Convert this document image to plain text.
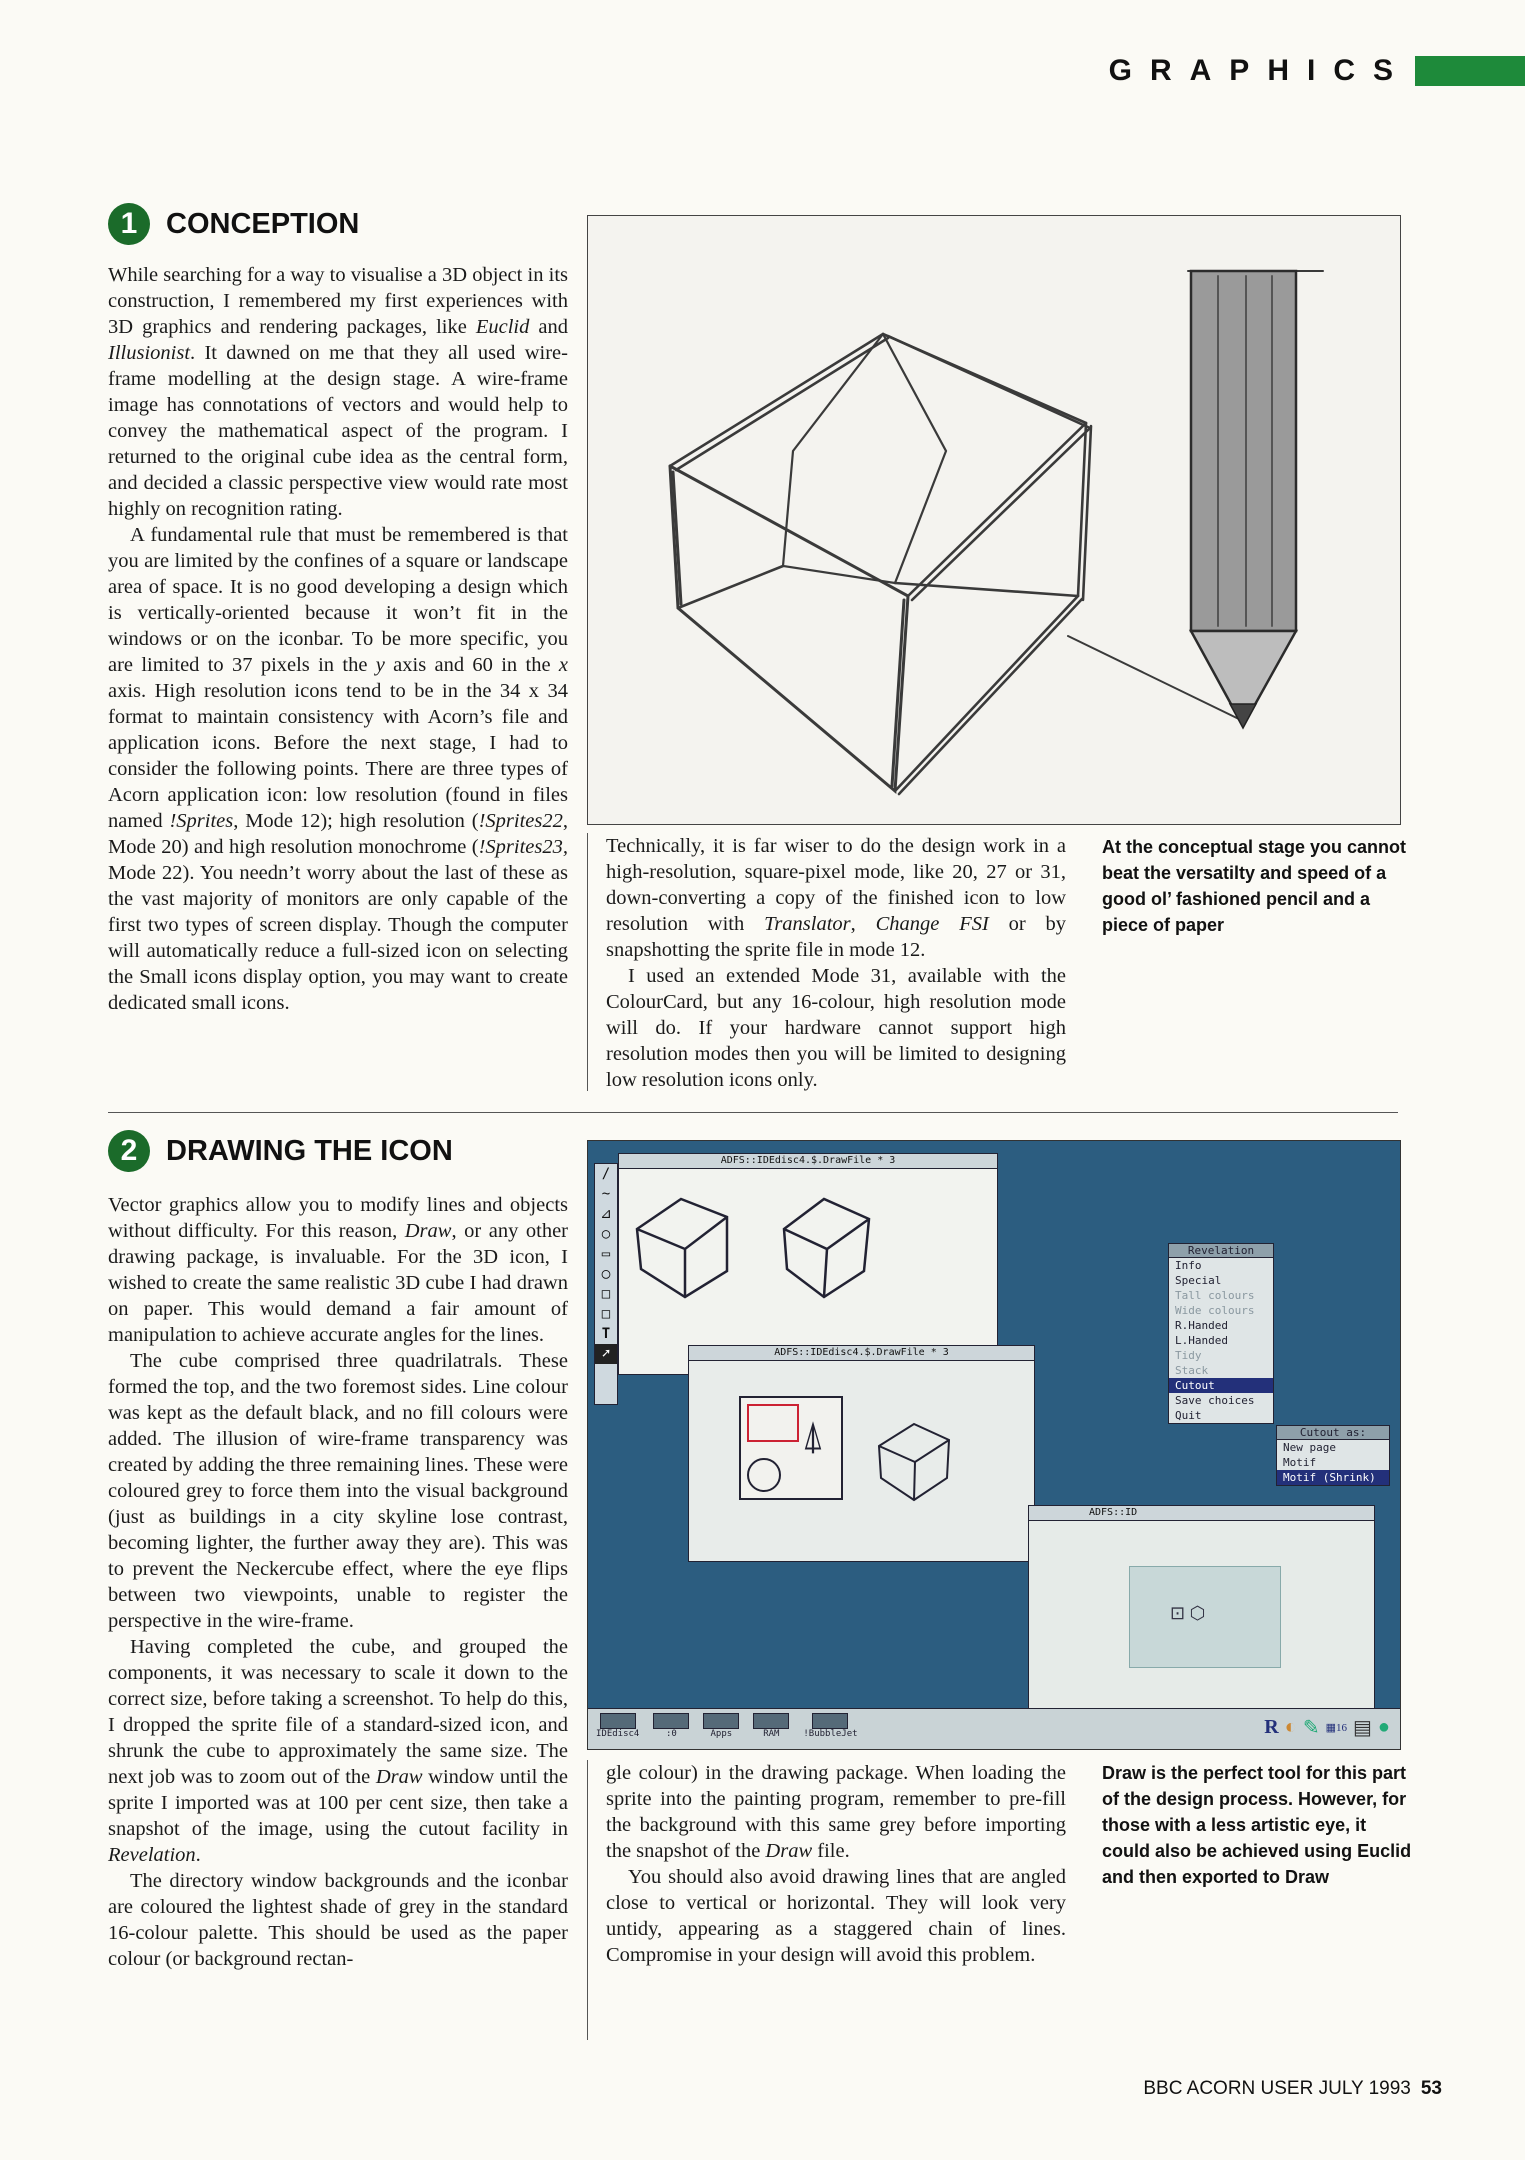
GRAPHICS
1 CONCEPTION

While searching for a way to visualise a 3D object in its construction, I remembered my first experiences with 3D graphics and rendering packages, like Euclid and Illusionist. It dawned on me that they all used wire-frame modelling at the design stage. A wire-frame image has connotations of vectors and would help to convey the mathematical aspect of the program. I returned to the original cube idea as the central form, and decided a classic perspective view would rate most highly on recognition rating.

A fundamental rule that must be remembered is that you are limited by the confines of a square or landscape area of space. It is no good developing a design which is vertically-oriented because it won’t fit in the windows or on the iconbar. To be more specific, you are limited to 37 pixels in the y axis and 60 in the x axis. High resolution icons tend to be in the 34 x 34 format to maintain consistency with Acorn’s file and application icons. Before the next stage, I had to consider the following points. There are three types of Acorn application icon: low resolution (found in files named !Sprites, Mode 12); high resolution (!Sprites22, Mode 20) and high resolution monochrome (!Sprites23, Mode 22). You needn’t worry about the last of these as the vast majority of monitors are only capable of the first two types of screen display. Though the computer will automatically reduce a full-sized icon on selecting the Small icons display option, you may want to create dedicated small icons.

Technically, it is far wiser to do the design work in a high-resolution, square-pixel mode, like 20, 27 or 31, down-converting a copy of the finished icon to low resolution with Translator, Change FSI or by snapshotting the sprite file in mode 12.

I used an extended Mode 31, available with the ColourCard, but any 16-colour, high resolution mode will do. If your hardware cannot support high resolution modes then you will be limited to designing low resolution icons only.

At the conceptual stage you cannot beat the versatilty and speed of a good ol’ fashioned pencil and a piece of paper
2 DRAWING THE ICON

Vector graphics allow you to modify lines and objects without difficulty. For this reason, Draw, or any other drawing package, is invaluable. For the 3D icon, I wished to create the same realistic 3D cube I had drawn on paper. This would demand a fair amount of manipulation to achieve accurate angles for the lines.

The cube comprised three quadrilatrals. These formed the top, and the two foremost sides. Line colour was kept as the default black, and no fill colours were added. The illusion of wire-frame transparency was created by adding the three remaining lines. These were coloured grey to force them into the visual background (just as buildings in a city skyline lose contrast, becoming lighter, the further away they are). This was to prevent the Neckercube effect, where the eye flips between two viewpoints, unable to register the perspective in the wire-frame.

Having completed the cube, and grouped the components, it was necessary to scale it down to the correct size, before taking a screenshot. To help do this, I dropped the sprite file of a standard-sized icon, and shrunk the cube to approximately the same size. The next job was to zoom out of the Draw window until the sprite I imported was at 100 per cent size, then take a snapshot of the image, using the cutout facility in Revelation.

The directory window backgrounds and the iconbar are coloured the lightest shade of grey in the standard 16-colour palette. This should be used as the paper colour (or background rectan-

gle colour) in the drawing package. When loading the sprite into the painting program, remember to pre-fill the background with this same grey before importing the snapshot of the Draw file.

You should also avoid drawing lines that are angled close to vertical or horizontal. They will look very untidy, appearing as a staggered chain of lines. Compromise in your design will avoid this problem.

Draw is the perfect tool for this part of the design process. However, for those with a less artistic eye, it could also be achieved using Euclid and then exported to Draw
/
~
⊿
○
▭
◯
□
□
T
➚
ADFS::IDEdisc4.$.DrawFile * 3
ADFS::IDEdisc4.$.DrawFile * 3
⍋
ADFS::ID
⊡ ⬡
Revelation
Info
Special
Tall colours
Wide colours
R.Handed
L.Handed
Tidy
Stack
Cutout
Save choices
Quit
Cutout as:
New page
Motif
Motif (Shrink)
IDEdisc4	:0	Apps	RAM	!BubbleJet	R ◐ ✎ ▦16 ▤ ●
BBC ACORN USER JULY 1993 53
